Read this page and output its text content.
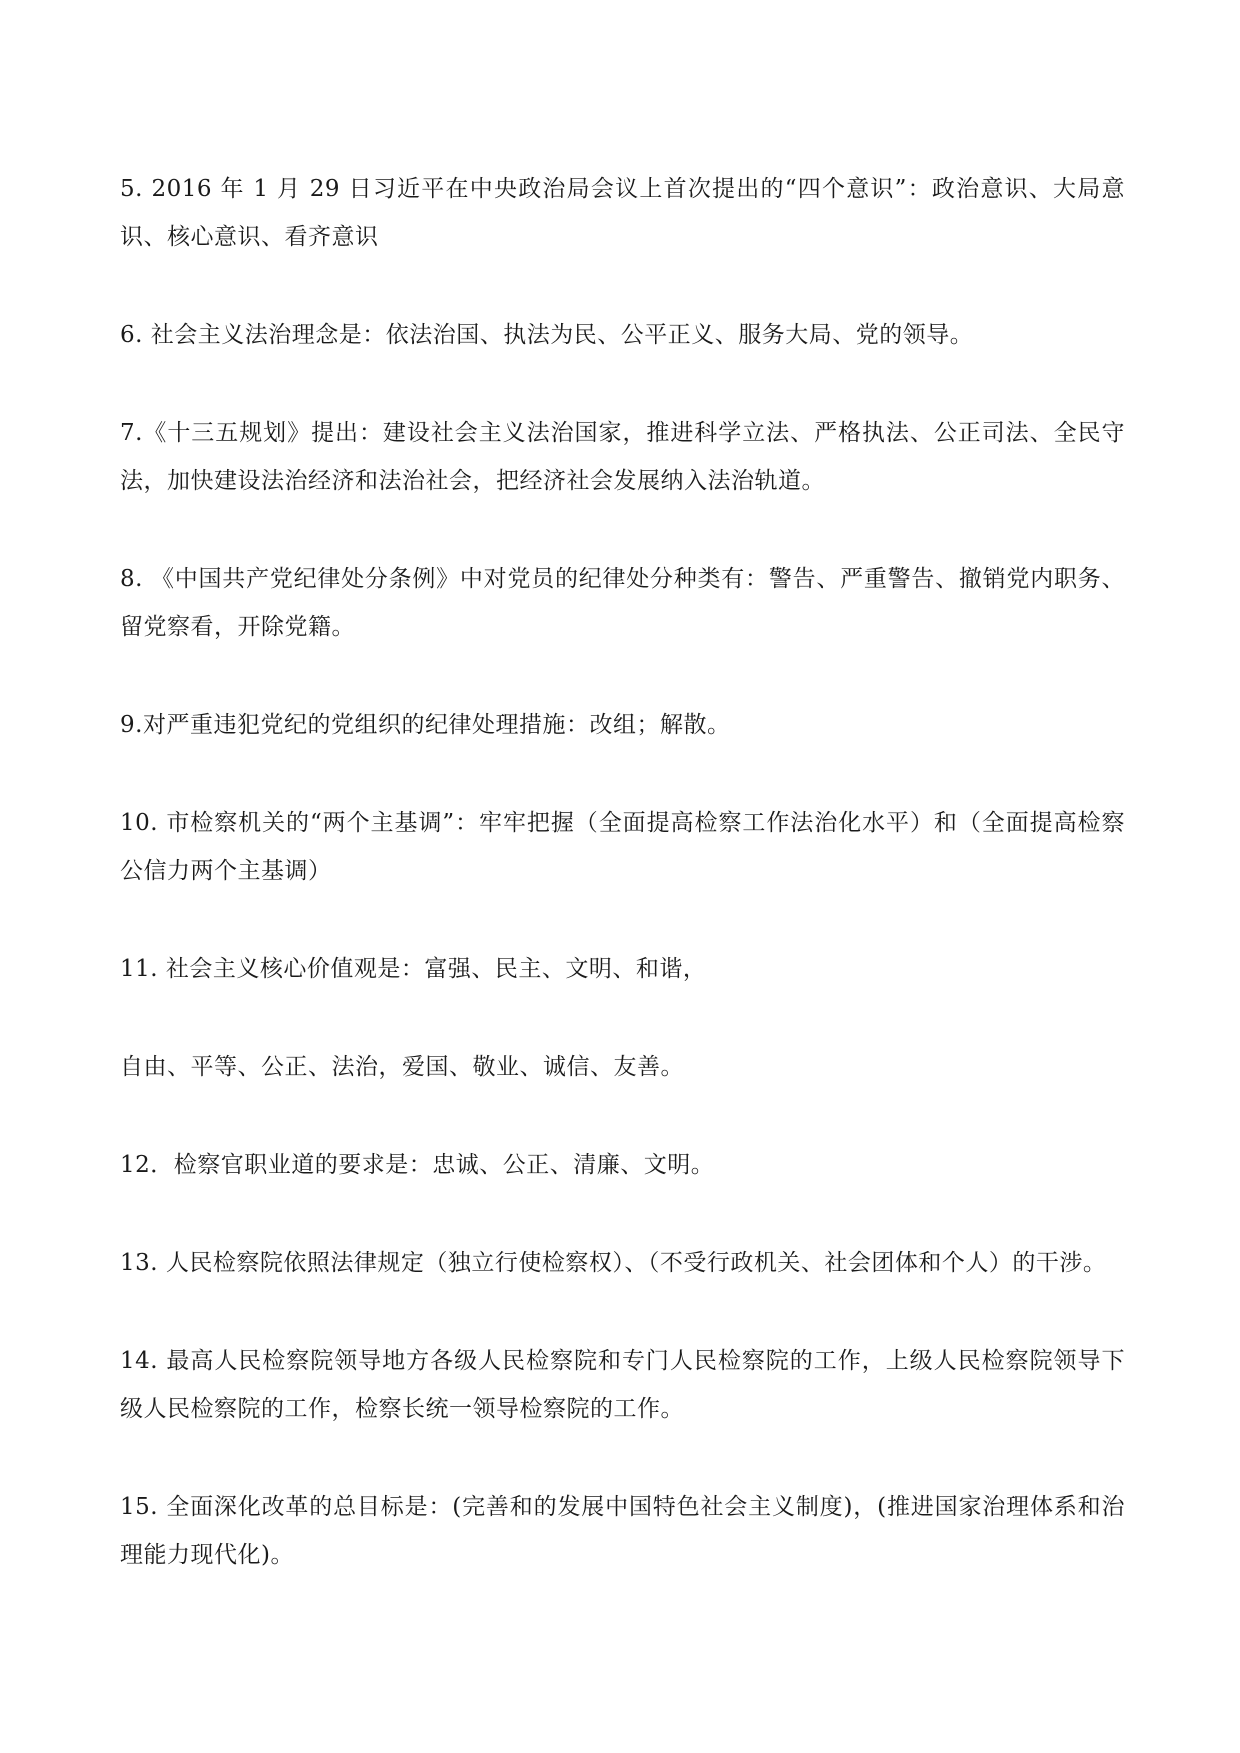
5. 2016 年 1 月 29 日习近平在中央政治局会议上首次提出的“四个意识”：政治意识、大局意识、核心意识、看齐意识

6. 社会主义法治理念是：依法治国、执法为民、公平正义、服务大局、党的领导。

7.《十三五规划》提出：建设社会主义法治国家，推进科学立法、严格执法、公正司法、全民守法，加快建设法治经济和法治社会，把经济社会发展纳入法治轨道。

8. 《中国共产党纪律处分条例》中对党员的纪律处分种类有：警告、严重警告、撤销党内职务、留党察看，开除党籍。

9.对严重违犯党纪的党组织的纪律处理措施：改组；解散。

10. 市检察机关的“两个主基调”：牢牢把握（全面提高检察工作法治化水平）和（全面提高检察公信力两个主基调）

11. 社会主义核心价值观是：富强、民主、文明、和谐，

自由、平等、公正、法治，爱国、敬业、诚信、友善。

12．检察官职业道的要求是：忠诚、公正、清廉、文明。

13. 人民检察院依照法律规定（独立行使检察权）、（不受行政机关、社会团体和个人）的干涉。

14. 最高人民检察院领导地方各级人民检察院和专门人民检察院的工作，上级人民检察院领导下级人民检察院的工作，检察长统一领导检察院的工作。

15. 全面深化改革的总目标是：(完善和的发展中国特色社会主义制度)，(推进国家治理体系和治理能力现代化)。
